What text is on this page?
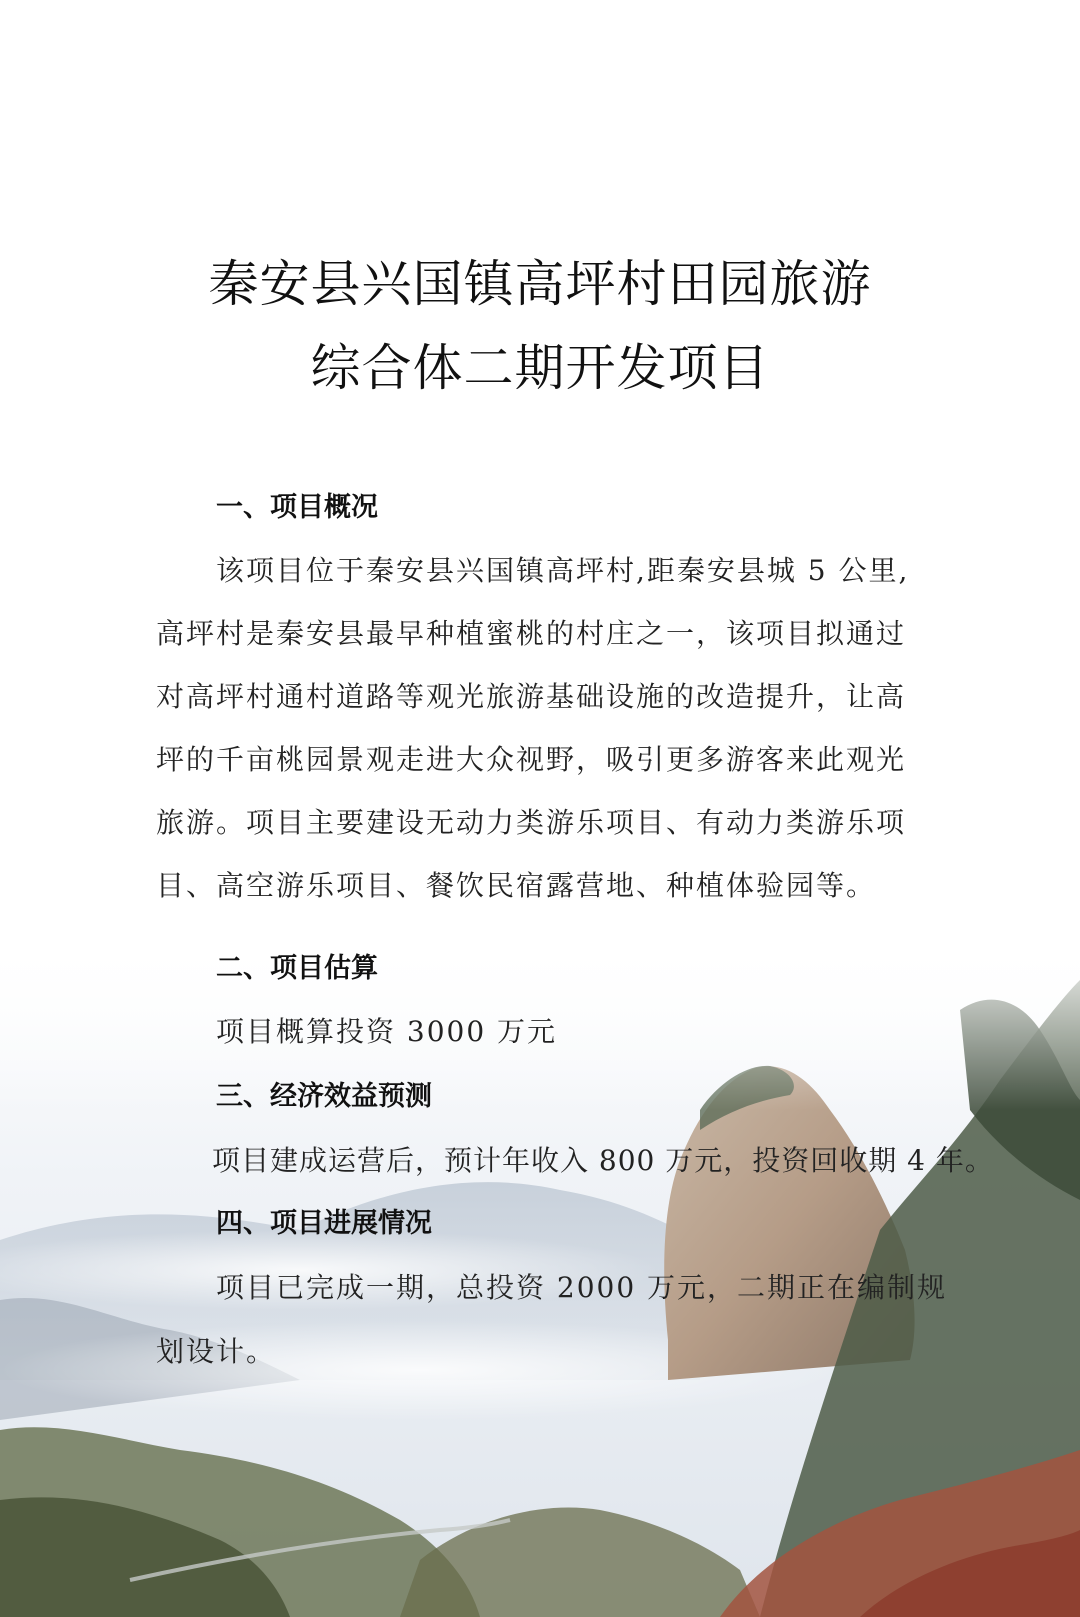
秦安县兴国镇高坪村田园旅游
综合体二期开发项目
一、项目概况

该项目位于秦安县兴国镇高坪村,距秦安县城 5 公里,

高坪村是秦安县最早种植蜜桃的村庄之一，该项目拟通过

对高坪村通村道路等观光旅游基础设施的改造提升，让高

坪的千亩桃园景观走进大众视野，吸引更多游客来此观光

旅游。项目主要建设无动力类游乐项目、有动力类游乐项

目、高空游乐项目、餐饮民宿露营地、种植体验园等。

二、项目估算

项目概算投资 3000 万元

三、经济效益预测

项目建成运营后，预计年收入 800 万元，投资回收期 4 年。

四、项目进展情况

项目已完成一期，总投资 2000 万元，二期正在编制规

划设计。
